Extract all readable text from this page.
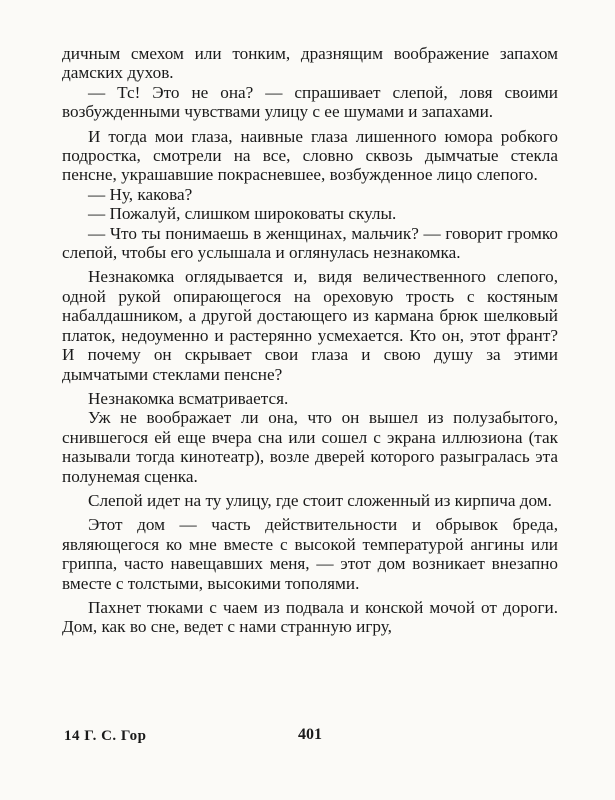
дичным смехом или тонким, дразнящим воображение запахом дамских духов.

— Тс! Это не она? — спрашивает слепой, ловя своими возбужденными чувствами улицу с ее шумами и запахами.

И тогда мои глаза, наивные глаза лишенного юмора робкого подростка, смотрели на все, словно сквозь дымчатые стекла пенсне, украшавшие покрасневшее, возбужденное лицо слепого.

— Ну, какова?

— Пожалуй, слишком широковаты скулы.

— Что ты понимаешь в женщинах, мальчик? — говорит громко слепой, чтобы его услышала и оглянулась незнакомка.

Незнакомка оглядывается и, видя величественного слепого, одной рукой опирающегося на ореховую трость с костяным набалдашником, а другой достающего из кармана брюк шелковый платок, недоуменно и растерянно усмехается. Кто он, этот франт? И почему он скрывает свои глаза и свою душу за этими дымчатыми стеклами пенсне?

Незнакомка всматривается.

Уж не воображает ли она, что он вышел из полузабытого, снившегося ей еще вчера сна или сошел с экрана иллюзиона (так называли тогда кинотеатр), возле дверей которого разыгралась эта полунемая сценка.

Слепой идет на ту улицу, где стоит сложенный из кирпича дом.

Этот дом — часть действительности и обрывок бреда, являющегося ко мне вместе с высокой температурой ангины или гриппа, часто навещавших меня, — этот дом возникает внезапно вместе с толстыми, высокими тополями.

Пахнет тюками с чаем из подвала и конской мочой от дороги. Дом, как во сне, ведет с нами странную игру,

14 Г. С. Гор	401
